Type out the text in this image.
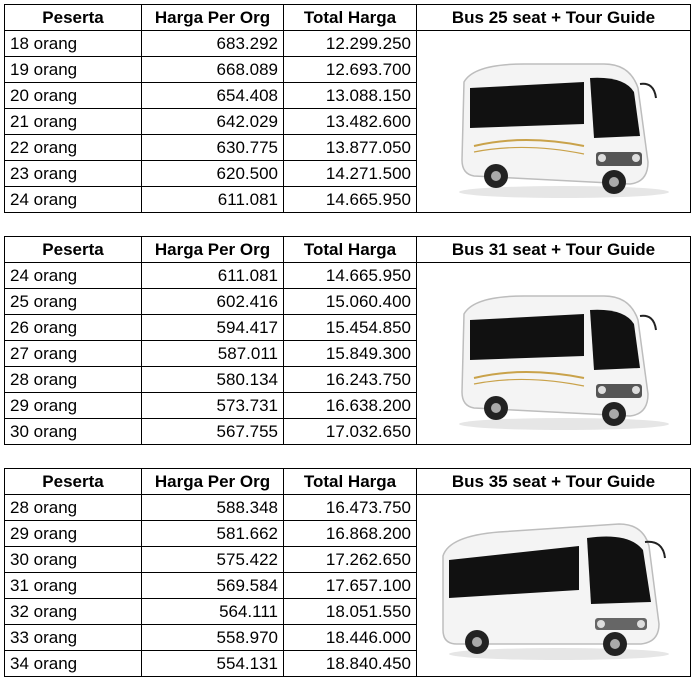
Peserta	Harga Per Org	Total Harga	Bus 25 seat + Tour Guide
18 orang	683.292	12.299.250	

19 orang	668.089	12.693.700	
20 orang	654.408	13.088.150	
21 orang	642.029	13.482.600	
22 orang	630.775	13.877.050	
23 orang	620.500	14.271.500	
24 orang	611.081	14.665.950	
Peserta	Harga Per Org	Total Harga	Bus 31 seat + Tour Guide
24 orang	611.081	14.665.950	

25 orang	602.416	15.060.400	
26 orang	594.417	15.454.850	
27 orang	587.011	15.849.300	
28 orang	580.134	16.243.750	
29 orang	573.731	16.638.200	
30 orang	567.755	17.032.650	
Peserta	Harga Per Org	Total Harga	Bus 35 seat + Tour Guide
28 orang	588.348	16.473.750	

29 orang	581.662	16.868.200	
30 orang	575.422	17.262.650	
31 orang	569.584	17.657.100	
32 orang	564.111	18.051.550	
33 orang	558.970	18.446.000	
34 orang	554.131	18.840.450	
